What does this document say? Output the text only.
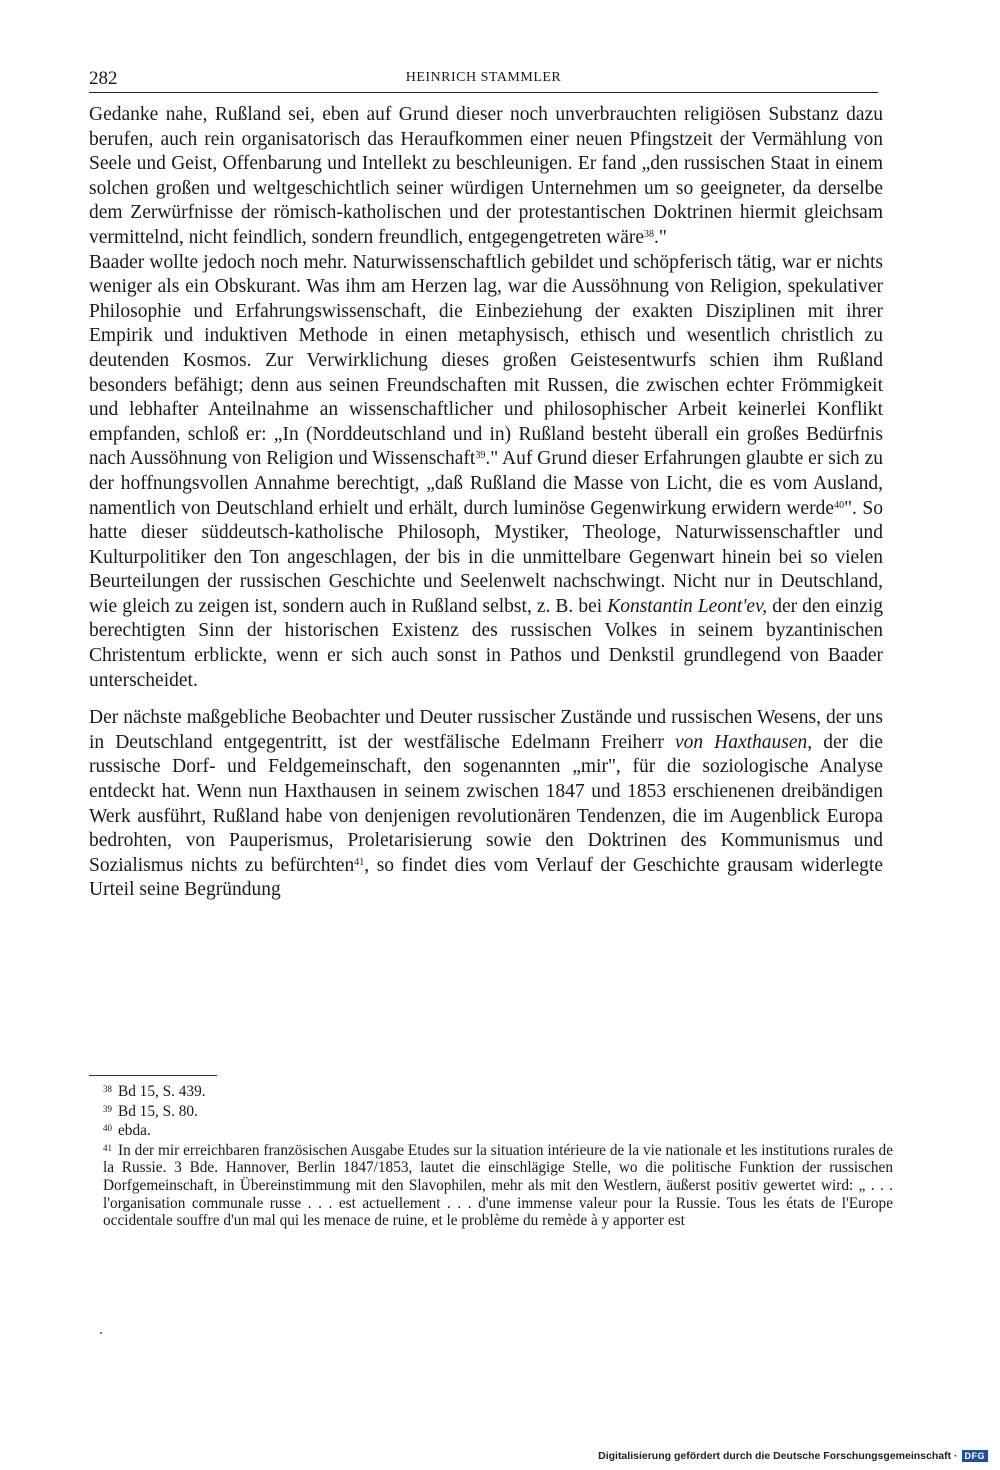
282	HEINRICH STAMMLER

Gedanke nahe, Rußland sei, eben auf Grund dieser noch unverbrauchten religiösen Substanz dazu berufen, auch rein organisatorisch das Heraufkommen einer neuen Pfingstzeit der Vermählung von Seele und Geist, Offenbarung und Intellekt zu beschleunigen. Er fand „den russischen Staat in einem solchen großen und weltgeschichtlich seiner würdigen Unternehmen um so geeigneter, da derselbe dem Zerwürfnisse der römisch-katholischen und der protestantischen Doktrinen hiermit gleichsam vermittelnd, nicht feindlich, sondern freundlich, entgegengetreten wäre$^{38}$."
Baader wollte jedoch noch mehr. Naturwissenschaftlich gebildet und schöpferisch tätig, war er nichts weniger als ein Obskurant. Was ihm am Herzen lag, war die Aussöhnung von Religion, spekulativer Philosophie und Erfahrungswissenschaft, die Einbeziehung der exakten Disziplinen mit ihrer Empirik und induktiven Methode in einen metaphysisch, ethisch und wesentlich christlich zu deutenden Kosmos. Zur Verwirklichung dieses großen Geistesentwurfs schien ihm Rußland besonders befähigt; denn aus seinen Freundschaften mit Russen, die zwischen echter Frömmigkeit und lebhafter Anteilnahme an wissenschaftlicher und philosophischer Arbeit keinerlei Konflikt empfanden, schloß er: „In (Norddeutschland und in) Rußland besteht überall ein großes Bedürfnis nach Aussöhnung von Religion und Wissenschaft$^{39}$." Auf Grund dieser Erfahrungen glaubte er sich zu der hoffnungsvollen Annahme berechtigt, „daß Rußland die Masse von Licht, die es vom Ausland, namentlich von Deutschland erhielt und erhält, durch luminöse Gegenwirkung erwidern werde$^{40}$". So hatte dieser süddeutsch-katholische Philosoph, Mystiker, Theologe, Naturwissenschaftler und Kulturpolitiker den Ton angeschlagen, der bis in die unmittelbare Gegenwart hinein bei so vielen Beurteilungen der russischen Geschichte und Seelenwelt nachschwingt. Nicht nur in Deutschland, wie gleich zu zeigen ist, sondern auch in Rußland selbst, z. B. bei Konstantin Leont'ev, der den einzig berechtigten Sinn der historischen Existenz des russischen Volkes in seinem byzantinischen Christentum erblickte, wenn er sich auch sonst in Pathos und Denkstil grundlegend von Baader unterscheidet.

Der nächste maßgebliche Beobachter und Deuter russischer Zustände und russischen Wesens, der uns in Deutschland entgegentritt, ist der westfälische Edelmann Freiherr von Haxthausen, der die russische Dorf- und Feldgemeinschaft, den sogenannten „mir", für die soziologische Analyse entdeckt hat. Wenn nun Haxthausen in seinem zwischen 1847 und 1853 erschienenen dreibändigen Werk ausführt, Rußland habe von denjenigen revolutionären Tendenzen, die im Augenblick Europa bedrohten, von Pauperismus, Proletarisierung sowie den Doktrinen des Kommunismus und Sozialismus nichts zu befürchten$^{41}$, so findet dies vom Verlauf der Geschichte grausam widerlegte Urteil seine Begründung

$^{38}$ Bd 15, S. 439.
$^{39}$ Bd 15, S. 80.
$^{40}$ ebda.
$^{41}$ In der mir erreichbaren französischen Ausgabe Etudes sur la situation intérieure de la vie nationale et les institutions rurales de la Russie. 3 Bde. Hannover, Berlin 1847/1853, lautet die einschlägige Stelle, wo die politische Funktion der russischen Dorfgemeinschaft, in Übereinstimmung mit den Slavophilen, mehr als mit den Westlern, äußerst positiv gewertet wird: „ . . . l'organisation communale russe . . . est actuellement . . . d'une immense valeur pour la Russie. Tous les états de l'Europe occidentale souffre d'un mal qui les menace de ruine, et le problème du remède à y apporter est
Digitalisierung gefördert durch die Deutsche Forschungsgemeinschaft · DFG
